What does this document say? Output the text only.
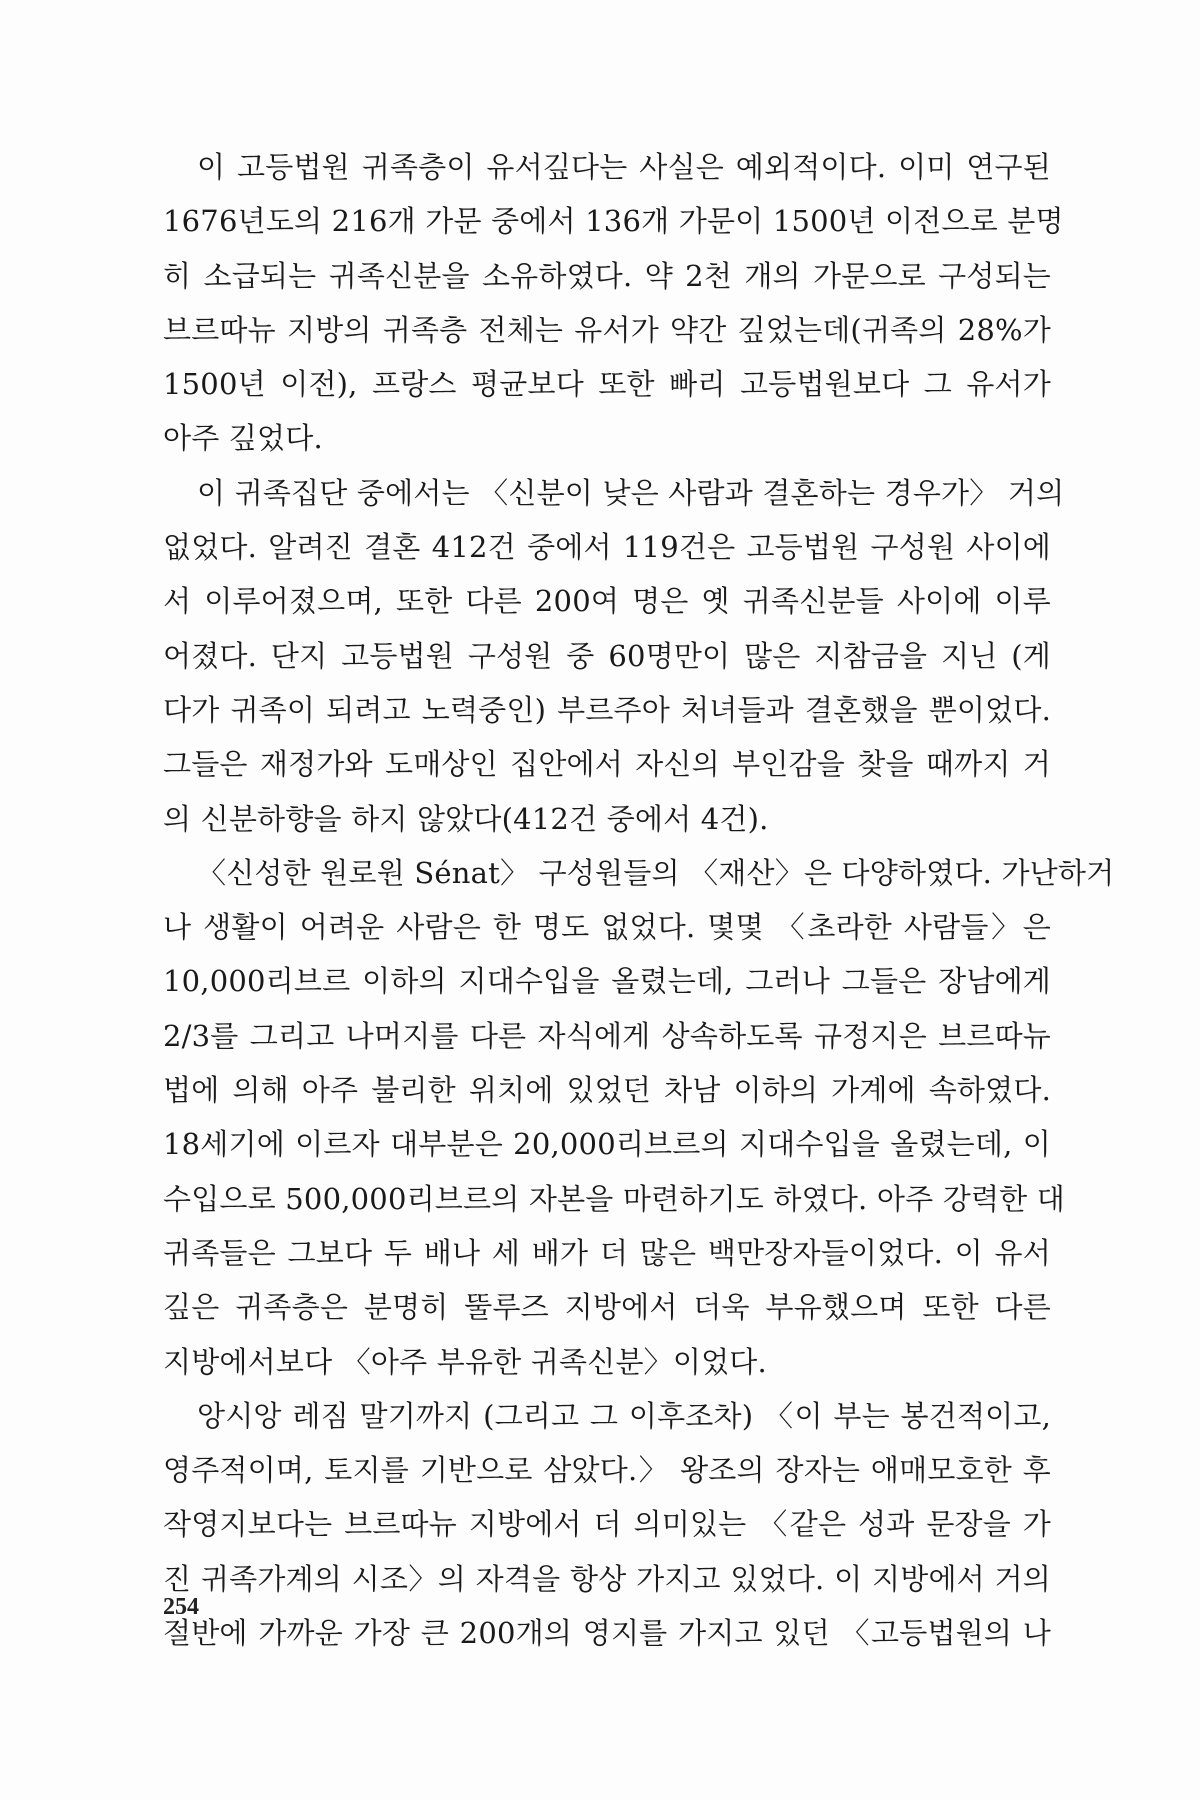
이 고등법원 귀족층이 유서깊다는 사실은 예외적이다. 이미 연구된
1676년도의 216개 가문 중에서 136개 가문이 1500년 이전으로 분명
히 소급되는 귀족신분을 소유하였다. 약 2천 개의 가문으로 구성되는
브르따뉴 지방의 귀족층 전체는 유서가 약간 깊었는데(귀족의 28%가
1500년 이전), 프랑스 평균보다 또한 빠리 고등법원보다 그 유서가
아주 깊었다.
이 귀족집단 중에서는 〈신분이 낮은 사람과 결혼하는 경우가〉 거의
없었다. 알려진 결혼 412건 중에서 119건은 고등법원 구성원 사이에
서 이루어졌으며, 또한 다른 200여 명은 옛 귀족신분들 사이에 이루
어졌다. 단지 고등법원 구성원 중 60명만이 많은 지참금을 지닌 (게
다가 귀족이 되려고 노력중인) 부르주아 처녀들과 결혼했을 뿐이었다.
그들은 재정가와 도매상인 집안에서 자신의 부인감을 찾을 때까지 거
의 신분하향을 하지 않았다(412건 중에서 4건).
〈신성한 원로원 Sénat〉 구성원들의 〈재산〉은 다양하였다. 가난하거
나 생활이 어려운 사람은 한 명도 없었다. 몇몇 〈초라한 사람들〉은
10,000리브르 이하의 지대수입을 올렸는데, 그러나 그들은 장남에게
2/3를 그리고 나머지를 다른 자식에게 상속하도록 규정지은 브르따뉴
법에 의해 아주 불리한 위치에 있었던 차남 이하의 가계에 속하였다.
18세기에 이르자 대부분은 20,000리브르의 지대수입을 올렸는데, 이
수입으로 500,000리브르의 자본을 마련하기도 하였다. 아주 강력한 대
귀족들은 그보다 두 배나 세 배가 더 많은 백만장자들이었다. 이 유서
깊은 귀족층은 분명히 뚤루즈 지방에서 더욱 부유했으며 또한 다른
지방에서보다 〈아주 부유한 귀족신분〉이었다.
앙시앙 레짐 말기까지 (그리고 그 이후조차) 〈이 부는 봉건적이고,
영주적이며, 토지를 기반으로 삼았다.〉 왕조의 장자는 애매모호한 후
작영지보다는 브르따뉴 지방에서 더 의미있는 〈같은 성과 문장을 가
진 귀족가계의 시조〉의 자격을 항상 가지고 있었다. 이 지방에서 거의
절반에 가까운 가장 큰 200개의 영지를 가지고 있던 〈고등법원의 나
254
